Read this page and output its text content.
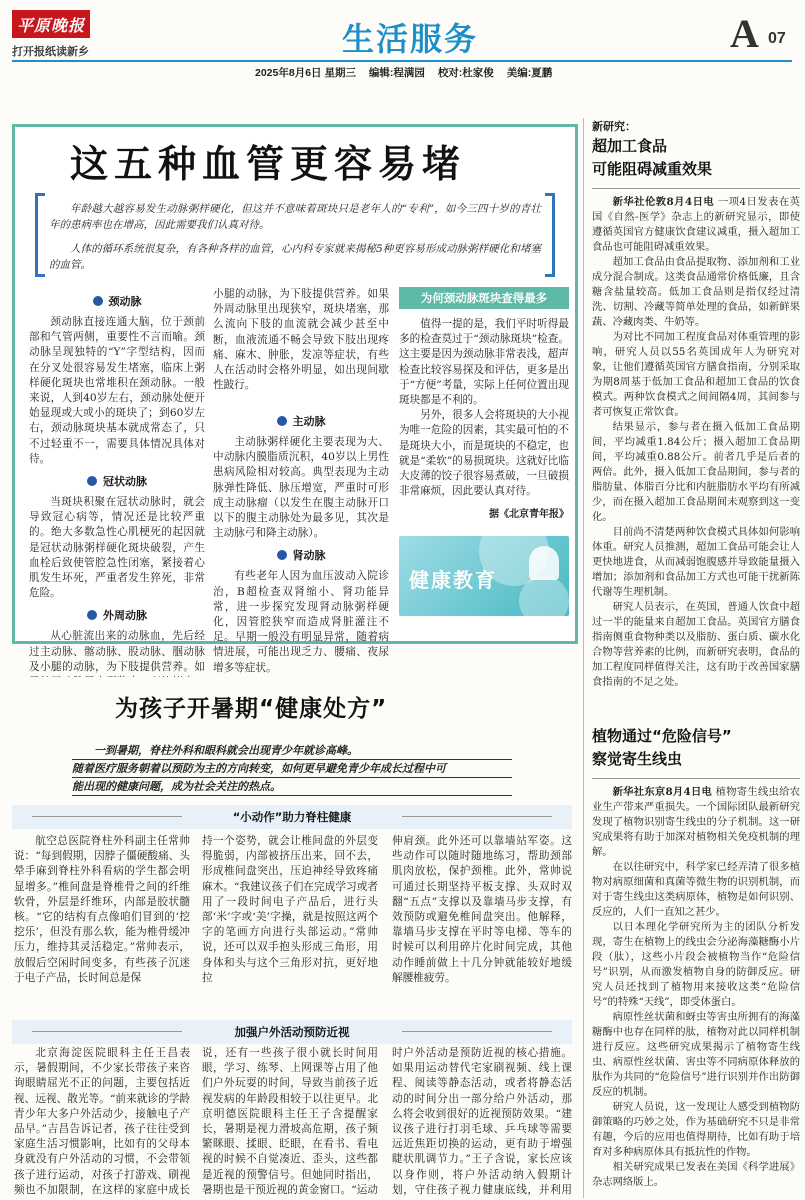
平原晚报
打开报纸读新乡	生活服务	A 07
2025年8月6日 星期三 编辑:程满园 校对:杜家俊 美编:夏鹏
这五种血管更容易堵

年龄越大越容易发生动脉粥样硬化，但这并不意味着斑块只是老年人的“专利”，如今三四十岁的青壮年的患病率也在增高，因此需要我们认真对待。

人体的循环系统很复杂，有各种各样的血管，心内科专家就来揭秘5种更容易形成动脉粥样硬化和堵塞的血管。

颈动脉

颈动脉直接连通大脑，位于颈前部和气管两侧，重要性不言而喻。颈动脉呈现独特的“Y”字型结构，因而在分叉处很容易发生堵塞，临床上粥样硬化斑块也常堆积在颈动脉。一般来说，人到40岁左右，颈动脉处便开始显现或大或小的斑块了；到60岁左右，颈动脉斑块基本就成常态了，只不过轻重不一，需要具体情况具体对待。

冠状动脉

当斑块积聚在冠状动脉时，就会导致冠心病等，情况还是比较严重的。绝大多数急性心肌梗死的起因就是冠状动脉粥样硬化斑块破裂，产生血栓后致使管腔急性闭塞，紧接着心肌发生坏死，严重者发生猝死，非常危险。

外周动脉

从心脏流出来的动脉血，先后经过主动脉、髂动脉、股动脉、腘动脉及小腿的动脉，为下肢提供营养。如

小腿的动脉，为下肢提供营养。如果外周动脉里出现狭窄，斑块堵塞，那么流向下肢的血流就会减少甚至中断，血液流通不畅会导致下肢出现疼痛、麻木、肿胀，发凉等症状，有些人在活动时会格外明显，如出现间歇性跛行。

主动脉

主动脉粥样硬化主要表现为大、中动脉内膜脂质沉积，40岁以上男性患病风险相对较高。典型表现为主动脉弹性降低、脉压增宽，严重时可形成主动脉瘤（以发生在腹主动脉开口以下的腹主动脉处为最多见，其次是主动脉弓和降主动脉）。

肾动脉

有些老年人因为血压波动入院诊治，B超检查双肾缩小、肾功能异常，进一步探究发现肾动脉粥样硬化，因管腔狭窄而造成肾脏灌注不足。早期一般没有明显异常，随着病情进展，可能出现乏力、腰痛、夜尿增多等症状。

为何颈动脉斑块查得最多

值得一提的是，我们平时听得最多的检查莫过于“颈动脉斑块”检查。这主要是因为颈动脉非常表浅，超声检查比较容易探及和评估，更多是出于“方便”考量，实际上任何位置出现斑块都是不利的。

另外，很多人会将斑块的大小视为唯一危险的因素，其实最可怕的不是斑块大小，而是斑块的不稳定，也就是“柔软”的易损斑块。这就好比临大皮薄的饺子很容易煮破，一旦破损非常麻烦，因此要认真对待。

据《北京青年报》
健康教育
为孩子开暑期“健康处方”

一到暑期，脊柱外科和眼科就会出现青少年就诊高峰。

随着医疗服务朝着以预防为主的方向转变，如何更早避免青少年成长过程中可

能出现的健康问题，成为社会关注的热点。
“小动作”助力脊柱健康

航空总医院脊柱外科副主任常帅说：“每到假期，因脖子僵硬酸痛、头晕手麻到脊柱外科看病的学生都会明显增多。”椎间盘是脊椎骨之间的纤维软骨，外层是纤维环，内部是胶状髓核。“它的结构有点像咱们冒到的‘挖挖乐’，但没有那么软，能为椎骨缓冲压力，维持其灵活稳定。”常帅表示，放假后空闲时间变多，有些孩子沉迷于电子产品，长时间总是保

持一个姿势，就会让椎间盘的外层变得脆弱，内部被挤压出来，回不去，形成椎间盘突出，压迫神经导致疼痛麻木。“我建议孩子们在完成学习或者用了一段时间电子产品后，进行头部‘米’字或‘美’字操，就是按照这两个字的笔画方向进行头部运动。”常帅说，还可以双手抱头形成三角形，用身体和头与这个三角形对抗，更好地拉

伸肩颈。此外还可以靠墙站军姿。这些动作可以随时随地练习，帮助颈部肌肉放松，保护颈椎。此外，常帅说可通过长期坚持平板支撑、头双时双翻“五点”支撑以及靠墙马步支撑，有效预防或避免椎间盘突出。他解释，靠墙马步支撑在平时等电梯、等车的时候可以利用碎片化时间完成，其他动作睡前做上十几分钟就能较好地缓解腰椎疲劳。

加强户外活动预防近视

北京海淀医院眼科主任王昌表示，暑假期间，不少家长带孩子来咨询眼睛屈光不正的问题，主要包括近视、远视、散光等。“前来就诊的学龄青少年大多户外活动少，接触电子产品早。”吉昌告诉记者，孩子往往受到家庭生活习惯影响，比如有的父母本身就没有户外活动的习惯，不会带领孩子进行运动，对孩子打游戏、刷视频也不加限制，在这样的家庭中成长

说，还有一些孩子很小就长时间用眼，学习、练琴、上网课等占用了他们户外玩耍的时间，导致当前孩子近视发病的年龄段相较于以往更早。北京明德医院眼科主任王子含提醒家长，暑期是视力滑坡高危期，孩子频繁眯眼、揉眼、眨眼，在看书、看电视的时候不自觉凑近、歪头，这些都是近视的预警信号。但她同时指出，暑期也是干预近视的黄金窗口。“运动

时户外活动是预防近视的核心措施。如果用运动替代宅家刷视频、线上课程、阅读等静态活动，或者将静态活动的时间分出一部分给户外活动，那么将会收到很好的近视预防效果。“建议孩子进行打羽毛球、乒乓球等需要远近焦距切换的运动，更有助于增强睫状肌调节力。”王子含说，家长应该以身作则，将户外活动纳入假期计划，守住孩子视力健康底线，并利用

新研究：
超加工食品
可能阻碍减重效果

新华社伦敦8月4日电 一项4日发表在英国《自然-医学》杂志上的新研究显示，即使遵循英国官方健康饮食建议减重，摄入超加工食品也可能阻碍减重效果。

超加工食品由食品提取物、添加剂和工业成分混合制成。这类食品通常价格低廉，且含糖含盐量较高。低加工食品则是指仅经过清洗、切割、冷藏等简单处理的食品，如新鲜果蔬、冷藏肉类、牛奶等。

为对比不同加工程度食品对体重管理的影响，研究人员以55名英国成年人为研究对象，让他们遵循英国官方膳食指南，分别采取为期8周基于低加工食品和超加工食品的饮食模式。两种饮食模式之间间隔4周，其间参与者可恢复正常饮食。

结果显示，参与者在摄入低加工食品期间，平均减重1.84公斤；摄入超加工食品期间，平均减重0.88公斤。前者几乎是后者的两倍。此外，摄入低加工食品期间，参与者的脂肪量、体脂百分比和内脏脂肪水平均有所减少，而在摄入超加工食品期间未观察到这一变化。

目前尚不清楚两种饮食模式具体如何影响体重。研究人员推测，超加工食品可能会让人更快地进食，从而减弱饱腹感并导致能量摄入增加；添加剂和食品加工方式也可能干扰新陈代谢等生理机制。

研究人员表示，在英国，普通人饮食中超过一半的能量来自超加工食品。英国官方膳食指南侧重食物种类以及脂肪、蛋白质、碳水化合物等营养素的比例，而新研究表明，食品的加工程度同样值得关注，这有助于改善国家膳食指南的不足之处。

植物通过“危险信号”
察觉寄生线虫

新华社东京8月4日电 植物寄生线虫给农业生产带来严重损失。一个国际团队最新研究发现了植物识别寄生线虫的分子机制。这一研究成果将有助于加深对植物相关免疫机制的理解。

在以往研究中，科学家已经弄清了很多植物对病原细菌和真菌等微生物的识别机制，而对于寄生线虫这类病原体，植物是如何识别、反应的，人们一直知之甚少。

以日本理化学研究所为主的团队分析发现，寄生在植物上的线虫会分泌海藻糖酶小片段（肽），这些小片段会被植物当作“危险信号”识别，从而激发植物自身的防御反应。研究人员还找到了植物用来接收这类“危险信号”的特殊“天线”，即受体蛋白。

病原性丝状菌和蚜虫等害虫所拥有的海藻糖酶中也存在同样的肽，植物对此以同样机制进行反应。这些研究成果揭示了植物寄生线虫、病原性丝状菌、害虫等不同病原体释放的肽作为共同的“危险信号”进行识别并作出防御反应的机制。

研究人员说，这一发现让人感受到植物防御策略的巧妙之处，作为基础研究不只是非常有趣，今后的应用也值得期待，比如有助于培育对多种病原体具有抵抗性的作物。

相关研究成果已发表在美国《科学进展》杂志网络版上。
